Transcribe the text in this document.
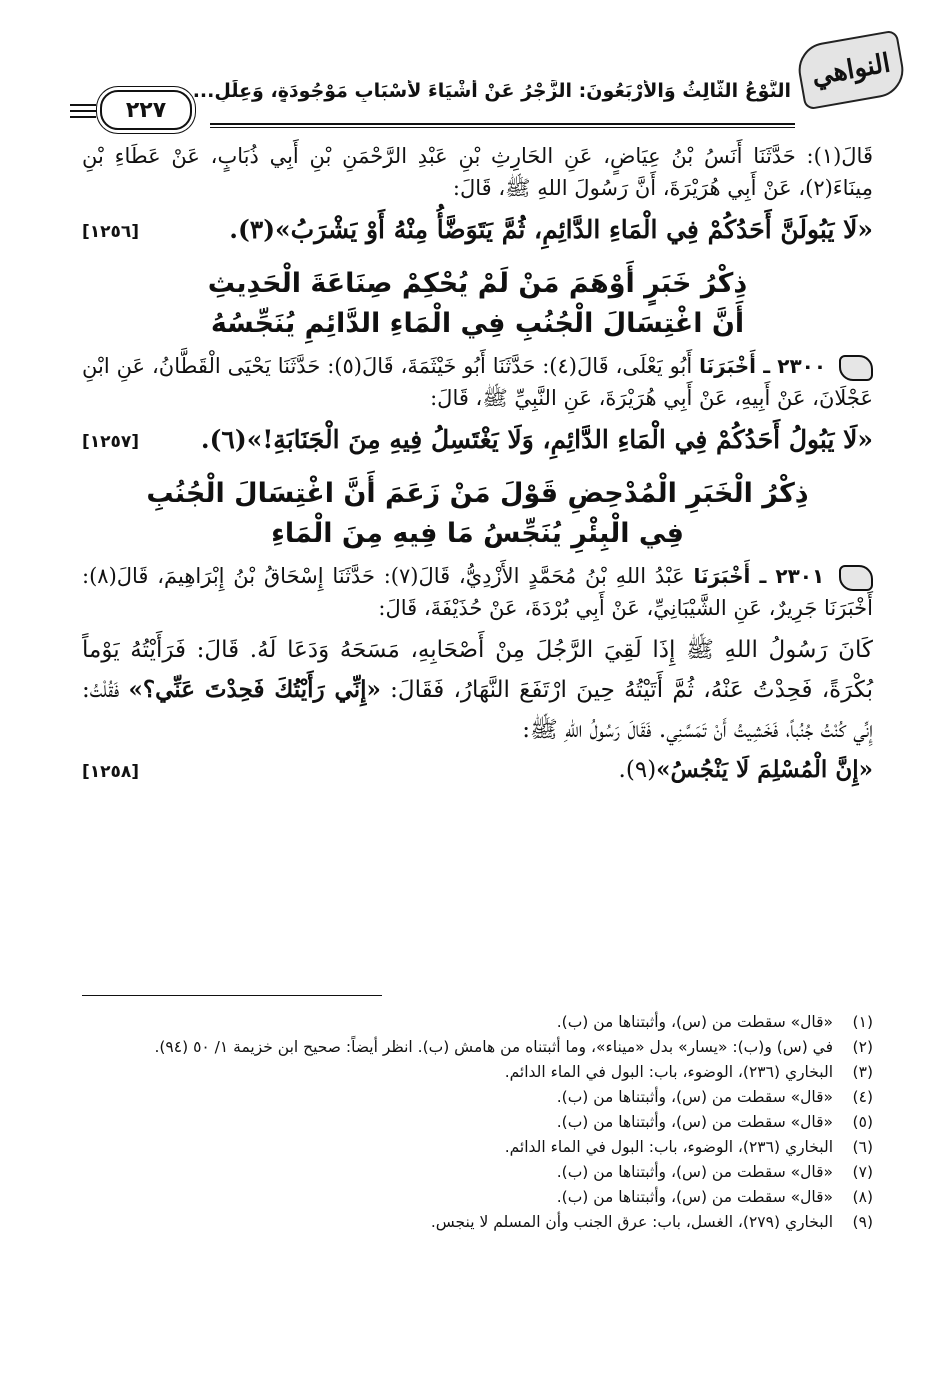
النواهي
النَّوْعُ الثَّالِثُ وَالأَرْبَعُونَ: الزَّجْرُ عَنْ أَشْيَاءَ لأَسْبَابٍ مَوْجُودَةٍ، وَعِلَلٍ...
٢٢٧

قَالَ(١): حَدَّثَنَا أَنَسُ بْنُ عِيَاضٍ، عَنِ الحَارِثِ بْنِ عَبْدِ الرَّحْمَنِ بْنِ أَبِي ذُبَابٍ، عَنْ عَطَاءِ بْنِ مِينَاءَ(٢)، عَنْ أَبِي هُرَيْرَةَ، أَنَّ رَسُولَ اللهِ ﷺ، قَالَ:

«لَا يَبُولَنَّ أَحَدُكُمْ فِي الْمَاءِ الدَّائِمِ، ثُمَّ يَتَوَضَّأُ مِنْهُ أَوْ يَشْرَبُ»(٣).
[١٢٥٦]
ذِكْرُ خَبَرٍ أَوْهَمَ مَنْ لَمْ يُحْكِمْ صِنَاعَةَ الْحَدِيثِ
أَنَّ اغْتِسَالَ الْجُنُبِ فِي الْمَاءِ الدَّائِمِ يُنَجِّسُهُ

٢٣٠٠ ـ أَخْبَرَنَا أَبُو يَعْلَى، قَالَ(٤): حَدَّثَنَا أَبُو خَيْثَمَةَ، قَالَ(٥): حَدَّثَنَا يَحْيَى الْقَطَّانُ، عَنِ ابْنِ عَجْلَانَ، عَنْ أَبِيهِ، عَنْ أَبِي هُرَيْرَةَ، عَنِ النَّبِيِّ ﷺ، قَالَ:

«لَا يَبُولُ أَحَدُكُمْ فِي الْمَاءِ الدَّائِمِ، وَلَا يَغْتَسِلُ فِيهِ مِنَ الْجَنَابَةِ!»(٦).
[١٢٥٧]
ذِكْرُ الْخَبَرِ الْمُدْحِضِ قَوْلَ مَنْ زَعَمَ أَنَّ اغْتِسَالَ الْجُنُبِ
فِي الْبِئْرِ يُنَجِّسُ مَا فِيهِ مِنَ الْمَاءِ

٢٣٠١ ـ أَخْبَرَنَا عَبْدُ اللهِ بْنُ مُحَمَّدٍ الأَزْدِيُّ، قَالَ(٧): حَدَّثَنَا إِسْحَاقُ بْنُ إِبْرَاهِيمَ، قَالَ(٨): أَخْبَرَنَا جَرِيرٌ، عَنِ الشَّيْبَانِيِّ، عَنْ أَبِي بُرْدَةَ، عَنْ حُذَيْفَةَ، قَالَ:

كَانَ رَسُولُ اللهِ ﷺ إِذَا لَقِيَ الرَّجُلَ مِنْ أَصْحَابِهِ، مَسَحَهُ وَدَعَا لَهُ. قَالَ: فَرَأَيْتُهُ يَوْماً بُكْرَةً، فَحِدْتُ عَنْهُ، ثُمَّ أَتَيْتُهُ حِينَ ارْتَفَعَ النَّهَارُ، فَقَالَ: «إِنِّي رَأَيْتُكَ فَحِدْتَ عَنِّي؟» فَقُلْتُ: إِنِّي كُنْتُ جُنُباً، فَخَشِيتُ أَنْ تَمَسَّنِي. فَقَالَ رَسُولُ اللهِ ﷺ:

«إِنَّ الْمُسْلِمَ لَا يَنْجُسُ»(٩).
[١٢٥٨]

(١)
«قال» سقطت من (س)، وأثبتناها من (ب).

(٢)
في (س) و(ب): «يسار» بدل «ميناء»، وما أثبتناه من هامش (ب). انظر أيضاً: صحيح ابن خزيمة ١/ ٥٠ (٩٤).

(٣)
البخاري (٢٣٦)، الوضوء، باب: البول في الماء الدائم.

(٤)
«قال» سقطت من (س)، وأثبتناها من (ب).

(٥)
«قال» سقطت من (س)، وأثبتناها من (ب).

(٦)
البخاري (٢٣٦)، الوضوء، باب: البول في الماء الدائم.

(٧)
«قال» سقطت من (س)، وأثبتناها من (ب).

(٨)
«قال» سقطت من (س)، وأثبتناها من (ب).

(٩)
البخاري (٢٧٩)، الغسل، باب: عرق الجنب وأن المسلم لا ينجس.
